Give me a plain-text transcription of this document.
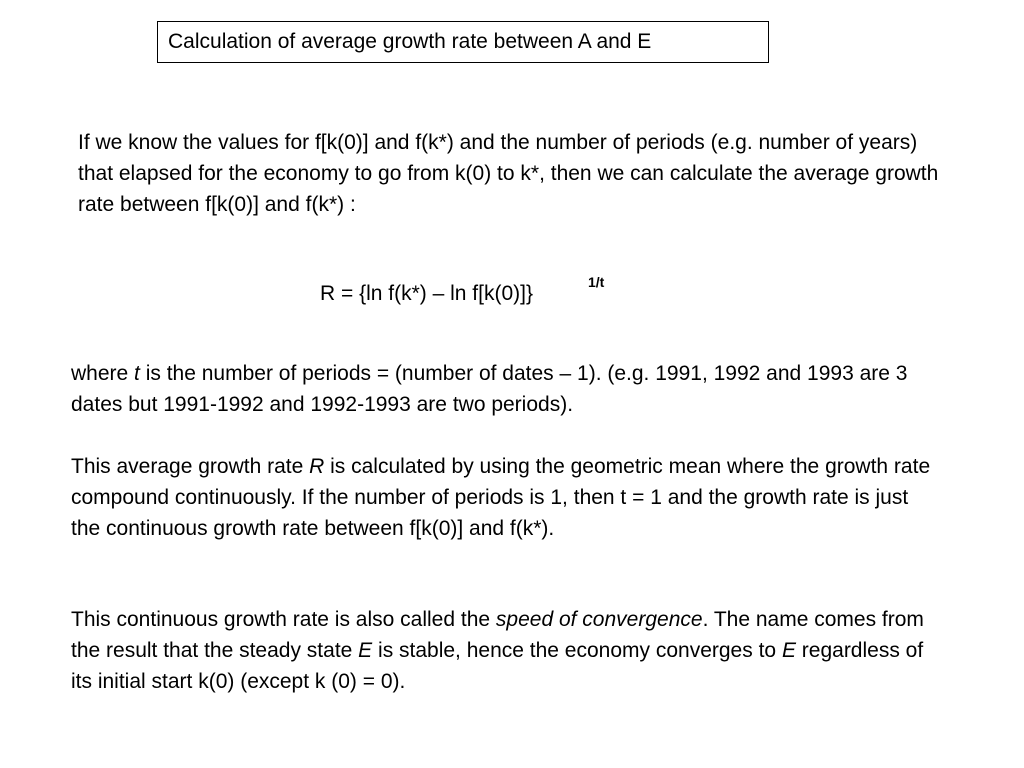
Calculation of average growth rate between A and E
If we know the values for f[k(0)] and f(k*) and the number of periods (e.g. number of years) that elapsed for the economy to go from k(0) to k*, then we can calculate the average growth rate between f[k(0)] and f(k*) :
R = {ln f(k*) – ln f[k(0)]}	1/t
where t is the number of periods = (number of dates – 1). (e.g. 1991, 1992 and 1993 are 3 dates but 1991-1992 and 1992-1993 are two periods).
This average growth rate R is calculated by using the geometric mean where the growth rate compound continuously. If the number of periods is 1, then t = 1 and the growth rate is just the continuous growth rate between f[k(0)] and f(k*).
This continuous growth rate is also called the speed of convergence. The name comes from the result that the steady state E is stable, hence the economy converges to E regardless of its initial start k(0) (except k (0) = 0).
